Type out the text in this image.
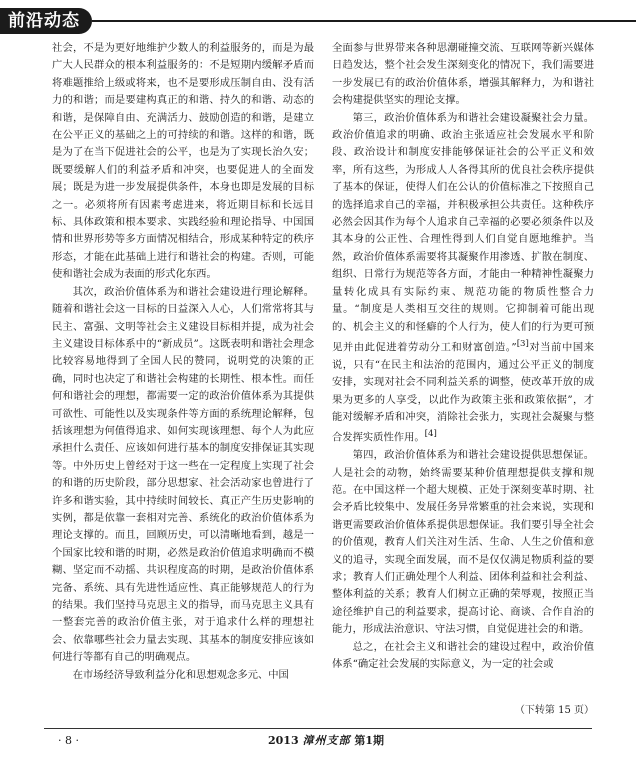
前沿动态

社会，不是为更好地维护少数人的利益服务的，而是为最广大人民群众的根本利益服务的：不是短期内缓解矛盾而将难题推给上级或将来，也不是要形成压制自由、没有活力的和谐；而是要建构真正的和谐、持久的和谐、动态的和谐，是保障自由、充满活力、鼓励创造的和谐，是建立在公平正义的基础之上的可持续的和谐。这样的和谐，既是为了在当下促进社会的公平，也是为了实现长治久安；既要缓解人们的利益矛盾和冲突，也要促进人的全面发展；既是为进一步发展提供条件，本身也即是发展的目标之一。必须将所有因素考虑进来，将近期目标和长远目标、具体政策和根本要求、实践经验和理论指导、中国国情和世界形势等多方面情况相结合，形成某种特定的秩序形态，才能在此基础上进行和谐社会的构建。否则，可能使和谐社会成为表面的形式化东西。

其次，政治价值体系为和谐社会建设进行理论解释。随着和谐社会这一目标的日益深入人心，人们常常将其与民主、富强、文明等社会主义建设目标相并提，成为社会主义建设目标体系中的“新成员”。这既表明和谐社会理念比较容易地得到了全国人民的赞同，说明党的决策的正确，同时也决定了和谐社会构建的长期性、根本性。而任何和谐社会的理想，都需要一定的政治价值体系为其提供可欲性、可能性以及实现条件等方面的系统理论解释，包括该理想为何值得追求、如何实现该理想、每个人为此应承担什么责任、应该如何进行基本的制度安排保证其实现等。中外历史上曾经对于这一些在一定程度上实现了社会的和谐的历史阶段，部分思想家、社会活动家也曾进行了许多和谐实验，其中持续时间较长、真正产生历史影响的实例，都是依靠一套相对完善、系统化的政治价值体系为理论支撑的。而且，回顾历史，可以清晰地看到，越是一个国家比较和谐的时期，必然是政治价值追求明确而不模糊、坚定而不动摇、共识程度高的时期，是政治价值体系完备、系统、具有先进性适应性、真正能够规范人的行为的结果。我们坚持马克思主义的指导，而马克思主义具有一整套完善的政治价值主张，对于追求什么样的理想社会、依靠哪些社会力量去实现、其基本的制度安排应该如何进行等都有自己的明确观点。

在市场经济导致利益分化和思想观念多元、中国

全面参与世界带来各种思潮碰撞交流、互联网等新兴媒体日趋发达，整个社会发生深刻变化的情况下，我们需要进一步发展已有的政治价值体系，增强其解释力，为和谐社会构建提供坚实的理论支撑。

第三，政治价值体系为和谐社会建设凝聚社会力量。政治价值追求的明确、政治主张适应社会发展水平和阶段、政治设计和制度安排能够保证社会的公平正义和效率，所有这些，为形成人人各得其所的优良社会秩序提供了基本的保证，使得人们在公认的价值标准之下按照自己的选择追求自己的幸福，并积极承担公共责任。这种秩序必然会因其作为每个人追求自己幸福的必要必须条件以及其本身的公正性、合理性得到人们自觉自愿地维护。当然，政治价值体系需要将其凝聚作用渗透、扩散在制度、组织、日常行为规范等各方面，才能由一种精神性凝聚力量转化成具有实际约束、规范功能的物质性整合力量。“制度是人类相互交往的规则。它抑制着可能出现的、机会主义的和怪癖的个人行为，使人们的行为更可预见并由此促进着劳动分工和财富创造。”[3]对当前中国来说，只有“在民主和法治的范围内，通过公平正义的制度安排，实现对社会不同利益关系的调整，使改革开放的成果为更多的人享受，以此作为政策主张和政策依据”，才能对缓解矛盾和冲突，消除社会张力，实现社会凝聚与整合发挥实质性作用。[4]

第四，政治价值体系为和谐社会建设提供思想保证。人是社会的动物，始终需要某种价值理想提供支撑和规范。在中国这样一个超大规模、正处于深刻变革时期、社会矛盾比较集中、发展任务异常繁重的社会来说，实现和谐更需要政治价值体系提供思想保证。我们要引导全社会的价值观，教育人们关注对生活、生命、人生之价值和意义的追寻，实现全面发展，而不是仅仅满足物质利益的要求；教育人们正确处理个人利益、团体利益和社会利益、整体利益的关系；教育人们树立正确的荣辱观，按照正当途径维护自己的利益要求，提高讨论、商谈、合作自治的能力，形成法治意识、守法习惯，自觉促进社会的和谐。

总之，在社会主义和谐社会的建设过程中，政治价值体系“确定社会发展的实际意义，为一定的社会或

（下转第 15 页）
· 8 ·	2013 漳州支部 第1期
